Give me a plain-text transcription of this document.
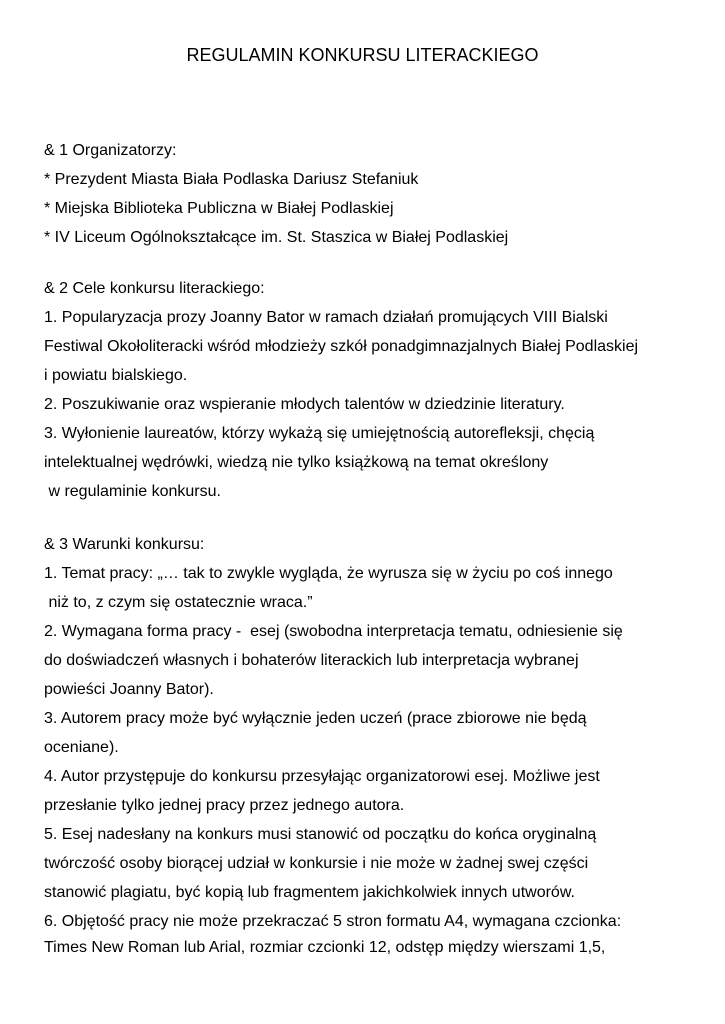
REGULAMIN KONKURSU LITERACKIEGO
& 1 Organizatorzy:
* Prezydent Miasta Biała Podlaska Dariusz Stefaniuk
* Miejska Biblioteka Publiczna w Białej Podlaskiej
* IV Liceum Ogólnokształcące im. St. Staszica w Białej Podlaskiej
& 2 Cele konkursu literackiego:
1. Popularyzacja prozy Joanny Bator w ramach działań promujących VIII Bialski
Festiwal Okołoliteracki wśród młodzieży szkół ponadgimnazjalnych Białej Podlaskiej
i powiatu bialskiego.
2. Poszukiwanie oraz wspieranie młodych talentów w dziedzinie literatury.
3. Wyłonienie laureatów, którzy wykażą się umiejętnością autorefleksji, chęcią
intelektualnej wędrówki, wiedzą nie tylko książkową na temat określony
w regulaminie konkursu.
& 3 Warunki konkursu:
1. Temat pracy: „… tak to zwykle wygląda, że wyrusza się w życiu po coś innego
niż to, z czym się ostatecznie wraca.”
2. Wymagana forma pracy -  esej (swobodna interpretacja tematu, odniesienie się
do doświadczeń własnych i bohaterów literackich lub interpretacja wybranej
powieści Joanny Bator).
3. Autorem pracy może być wyłącznie jeden uczeń (prace zbiorowe nie będą
oceniane).
4. Autor przystępuje do konkursu przesyłając organizatorowi esej. Możliwe jest
przesłanie tylko jednej pracy przez jednego autora.
5. Esej nadesłany na konkurs musi stanowić od początku do końca oryginalną
twórczość osoby biorącej udział w konkursie i nie może w żadnej swej części
stanowić plagiatu, być kopią lub fragmentem jakichkolwiek innych utworów.
6. Objętość pracy nie może przekraczać 5 stron formatu A4, wymagana czcionka:
Times New Roman lub Arial, rozmiar czcionki 12, odstęp między wierszami 1,5,
